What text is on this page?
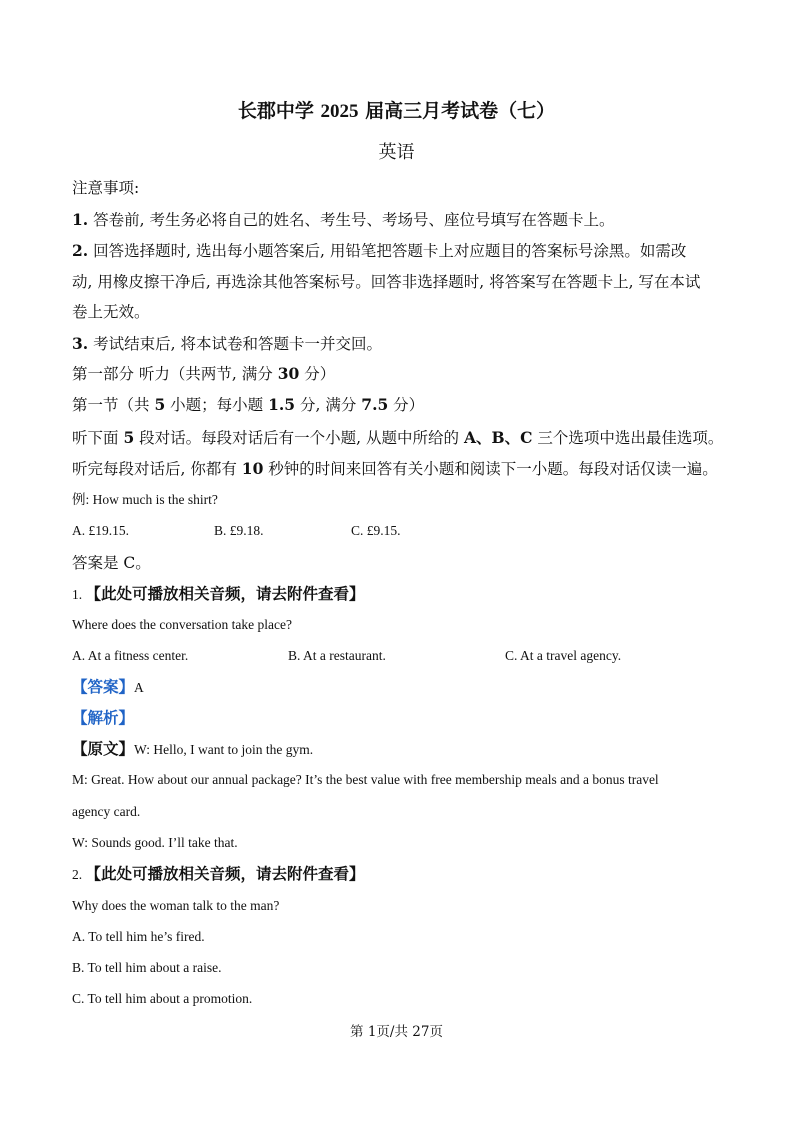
长郡中学 2025 届高三月考试卷（七）
英语
注意事项:
1. 答卷前, 考生务必将自己的姓名、考生号、考场号、座位号填写在答题卡上。
2. 回答选择题时, 选出每小题答案后, 用铅笔把答题卡上对应题目的答案标号涂黑。如需改
动, 用橡皮擦干净后, 再选涂其他答案标号。回答非选择题时, 将答案写在答题卡上, 写在本试
卷上无效。
3. 考试结束后, 将本试卷和答题卡一并交回。
第一部分 听力（共两节, 满分 30 分）
第一节（共 5 小题；每小题 1.5 分, 满分 7.5 分）
听下面 5 段对话。每段对话后有一个小题, 从题中所给的 A、B、C 三个选项中选出最佳选项。
听完每段对话后, 你都有 10 秒钟的时间来回答有关小题和阅读下一小题。每段对话仅读一遍。
例: How much is the shirt?
A. £19.15.	B. £9.18.	C. £9.15.
答案是 C。
1. 【此处可播放相关音频，请去附件查看】
Where does the conversation take place?
A. At a fitness center.	B. At a restaurant.	C. At a travel agency.
【答案】A
【解析】
【原文】W: Hello, I want to join the gym.
M: Great. How about our annual package? It’s the best value with free membership meals and a bonus travel
agency card.
W: Sounds good. I’ll take that.
2. 【此处可播放相关音频，请去附件查看】
Why does the woman talk to the man?
A. To tell him he’s fired.
B. To tell him about a raise.
C. To tell him about a promotion.
第 1页/共 27页
